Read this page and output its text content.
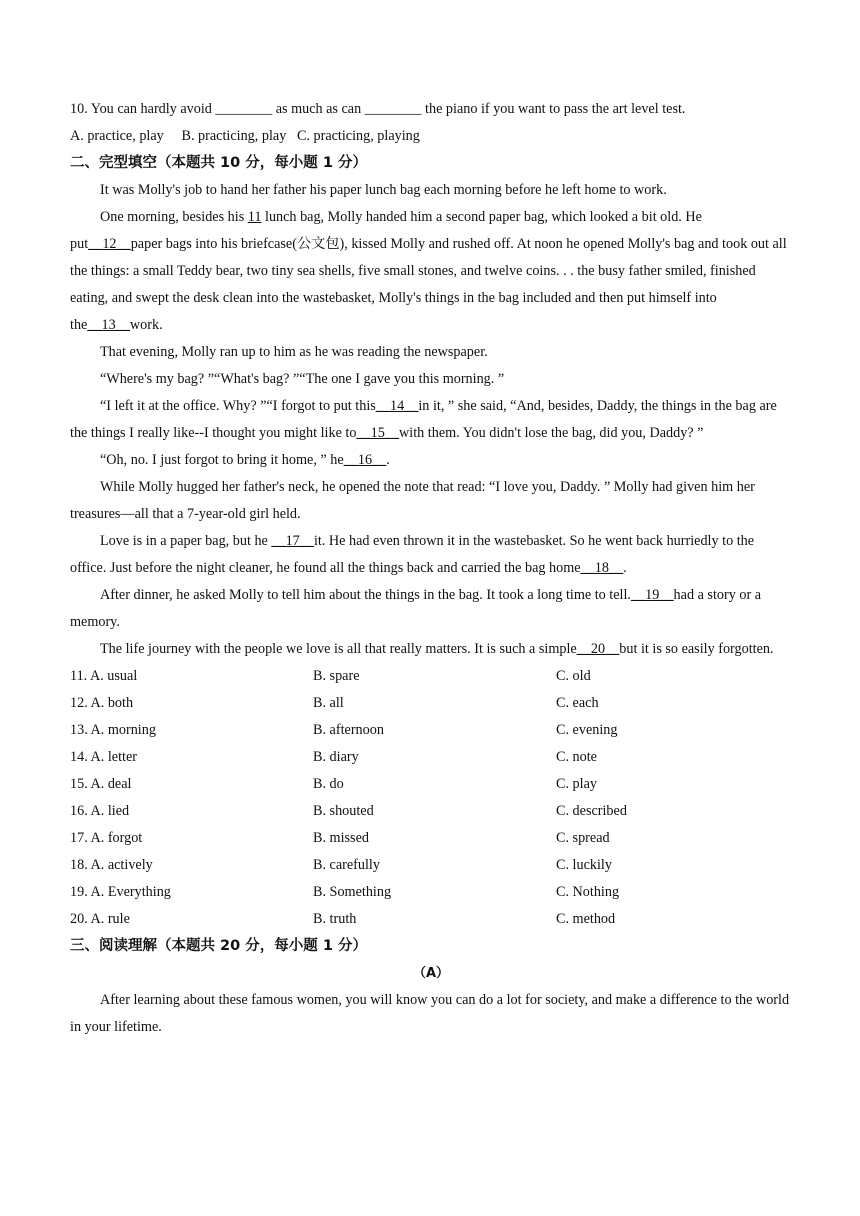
10. You can hardly avoid ________ as much as can ________ the piano if you want to pass the art level test.

A. practice, play B. practicing, play C. practicing, playing

二、完型填空（本题共 10 分，每小题 1 分）

It was Molly's job to hand her father his paper lunch bag each morning before he left home to work.

One morning, besides his 11 lunch bag, Molly handed him a second paper bag, which looked a bit old. He put__12__paper bags into his briefcase(公文包), kissed Molly and rushed off. At noon he opened Molly's bag and took out all the things: a small Teddy bear, two tiny sea shells, five small stones, and twelve coins. . . the busy father smiled, finished eating, and swept the desk clean into the wastebasket, Molly's things in the bag included and then put himself into the__13__work.

That evening, Molly ran up to him as he was reading the newspaper.

“Where's my bag? ”“What's bag? ”“The one I gave you this morning. ”

“I left it at the office. Why? ”“I forgot to put this__14__in it, ” she said, “And, besides, Daddy, the things in the bag are the things I really like--I thought you might like to__15__with them. You didn't lose the bag, did you, Daddy? ”

“Oh, no. I just forgot to bring it home, ” he__16__.

While Molly hugged her father's neck, he opened the note that read: “I love you, Daddy. ” Molly had given him her treasures—all that a 7-year-old girl held.

Love is in a paper bag, but he __17__it. He had even thrown it in the wastebasket. So he went back hurriedly to the office. Just before the night cleaner, he found all the things back and carried the bag home__18__.

After dinner, he asked Molly to tell him about the things in the bag. It took a long time to tell.__19__had a story or a memory.

The life journey with the people we love is all that really matters. It is such a simple__20__but it is so easily forgotten.

11. A. usual	B. spare	C. old
12. A. both	B. all	C. each
13. A. morning	B. afternoon	C. evening
14. A. letter	B. diary	C. note
15. A. deal	B. do	C. play
16. A. lied	B. shouted	C. described
17. A. forgot	B. missed	C. spread
18. A. actively	B. carefully	C. luckily
19. A. Everything	B. Something	C. Nothing
20. A. rule	B. truth	C. method

三、阅读理解（本题共 20 分，每小题 1 分）

（A）

After learning about these famous women, you will know you can do a lot for society, and make a difference to the world in your lifetime.
